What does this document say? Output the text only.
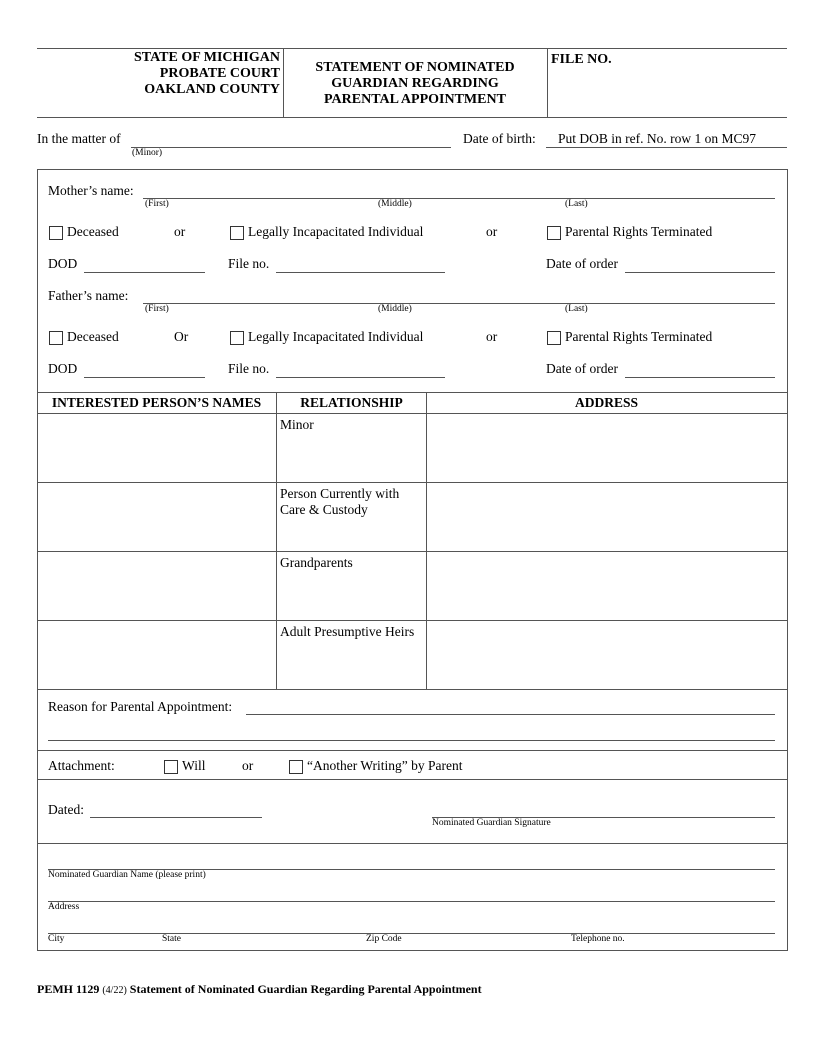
STATE OF MICHIGAN
PROBATE COURT
OAKLAND COUNTY
STATEMENT OF NOMINATED
GUARDIAN REGARDING
PARENTAL APPOINTMENT
FILE NO.
In the matter of
(Minor)
Date of birth: Put DOB in ref. No. row 1 on MC97
Mother’s name:
(First)	(Middle)	(Last)
Deceased	or	Legally Incapacitated Individual	or	Parental Rights Terminated
DOD	File no.	Date of order
Father’s name:
(First)	(Middle)	(Last)
Deceased	Or	Legally Incapacitated Individual	or	Parental Rights Terminated
DOD	File no.	Date of order
INTERESTED PERSON’S NAMES	RELATIONSHIP	ADDRESS
Minor
Person Currently with Care & Custody
Grandparents
Adult Presumptive Heirs
Reason for Parental Appointment:
Attachment:	Will	or	“Another Writing” by Parent
Dated:
Nominated Guardian Signature
Nominated Guardian Name (please print)
Address
City	State	Zip Code	Telephone no.
PEMH 1129 (4/22) Statement of Nominated Guardian Regarding Parental Appointment
